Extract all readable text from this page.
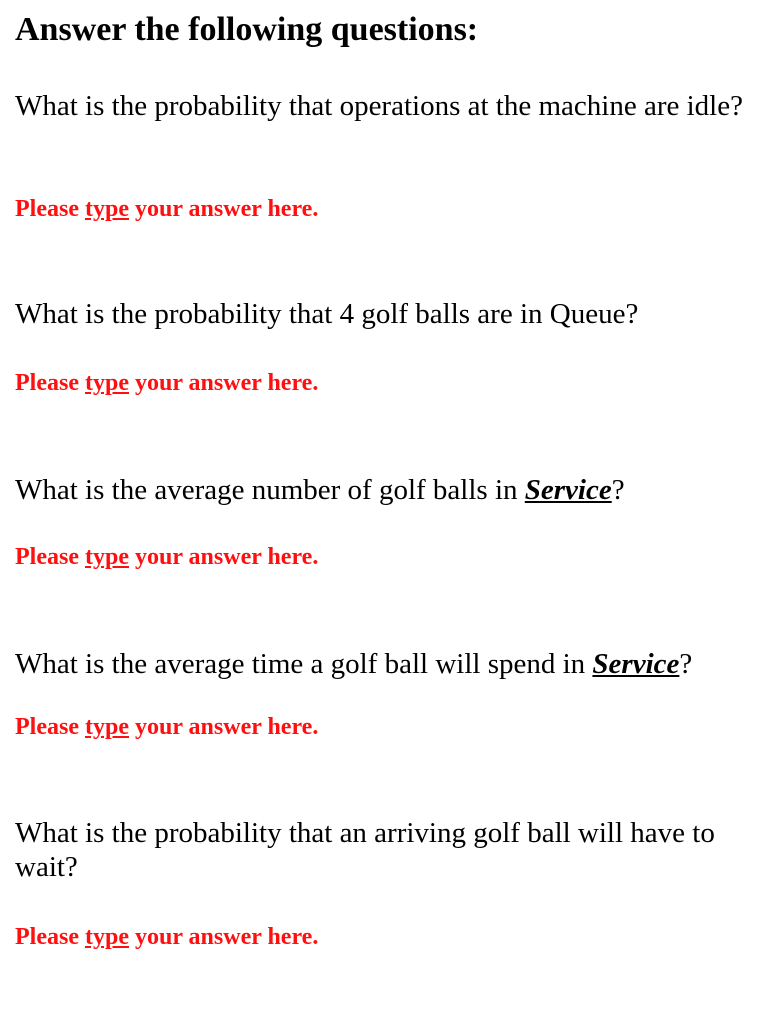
Answer the following questions:

What is the probability that operations at the machine are idle?

Please type your answer here.

What is the probability that 4 golf balls are in Queue?

Please type your answer here.

What is the average number of golf balls in Service?

Please type your answer here.

What is the average time a golf ball will spend in Service?

Please type your answer here.

What is the probability that an arriving golf ball will have to wait?

Please type your answer here.
